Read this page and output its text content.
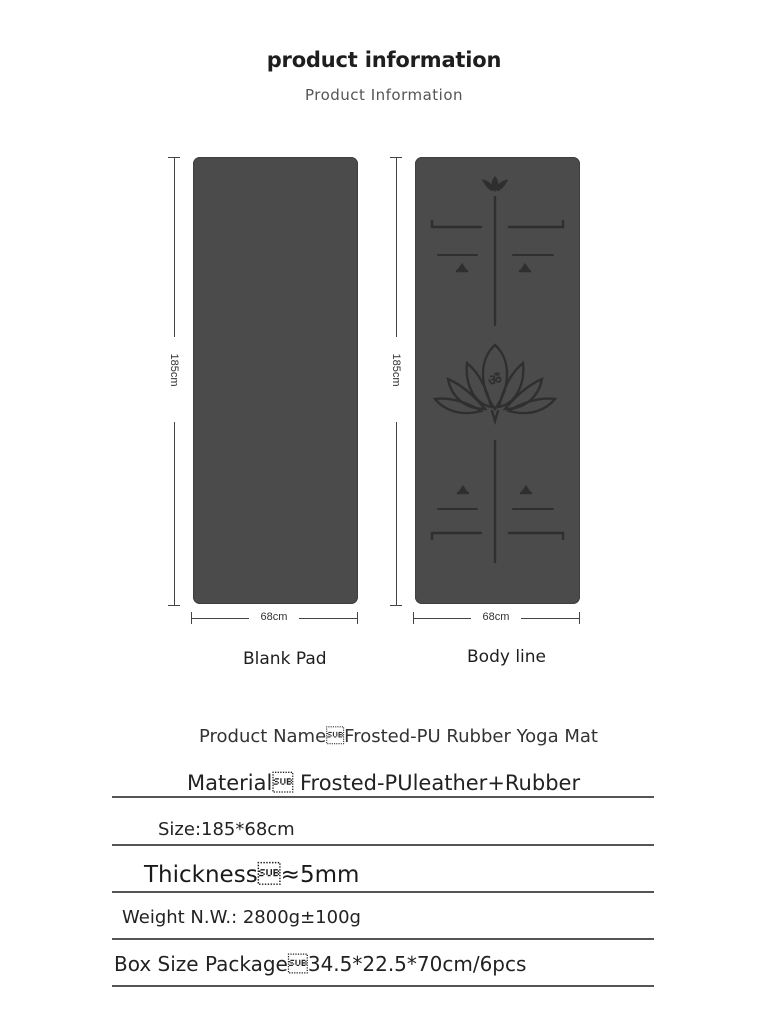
product information
Product Information
185cm
68cm
Blank Pad
185cm	ॐ
68cm
Body line
Product NameFrosted-PU Rubber Yoga Mat
Material Frosted-PUleather+Rubber
Size:185*68cm
Thickness≈5mm
Weight N.W.: 2800g±100g
Box Size Package34.5*22.5*70cm/6pcs
